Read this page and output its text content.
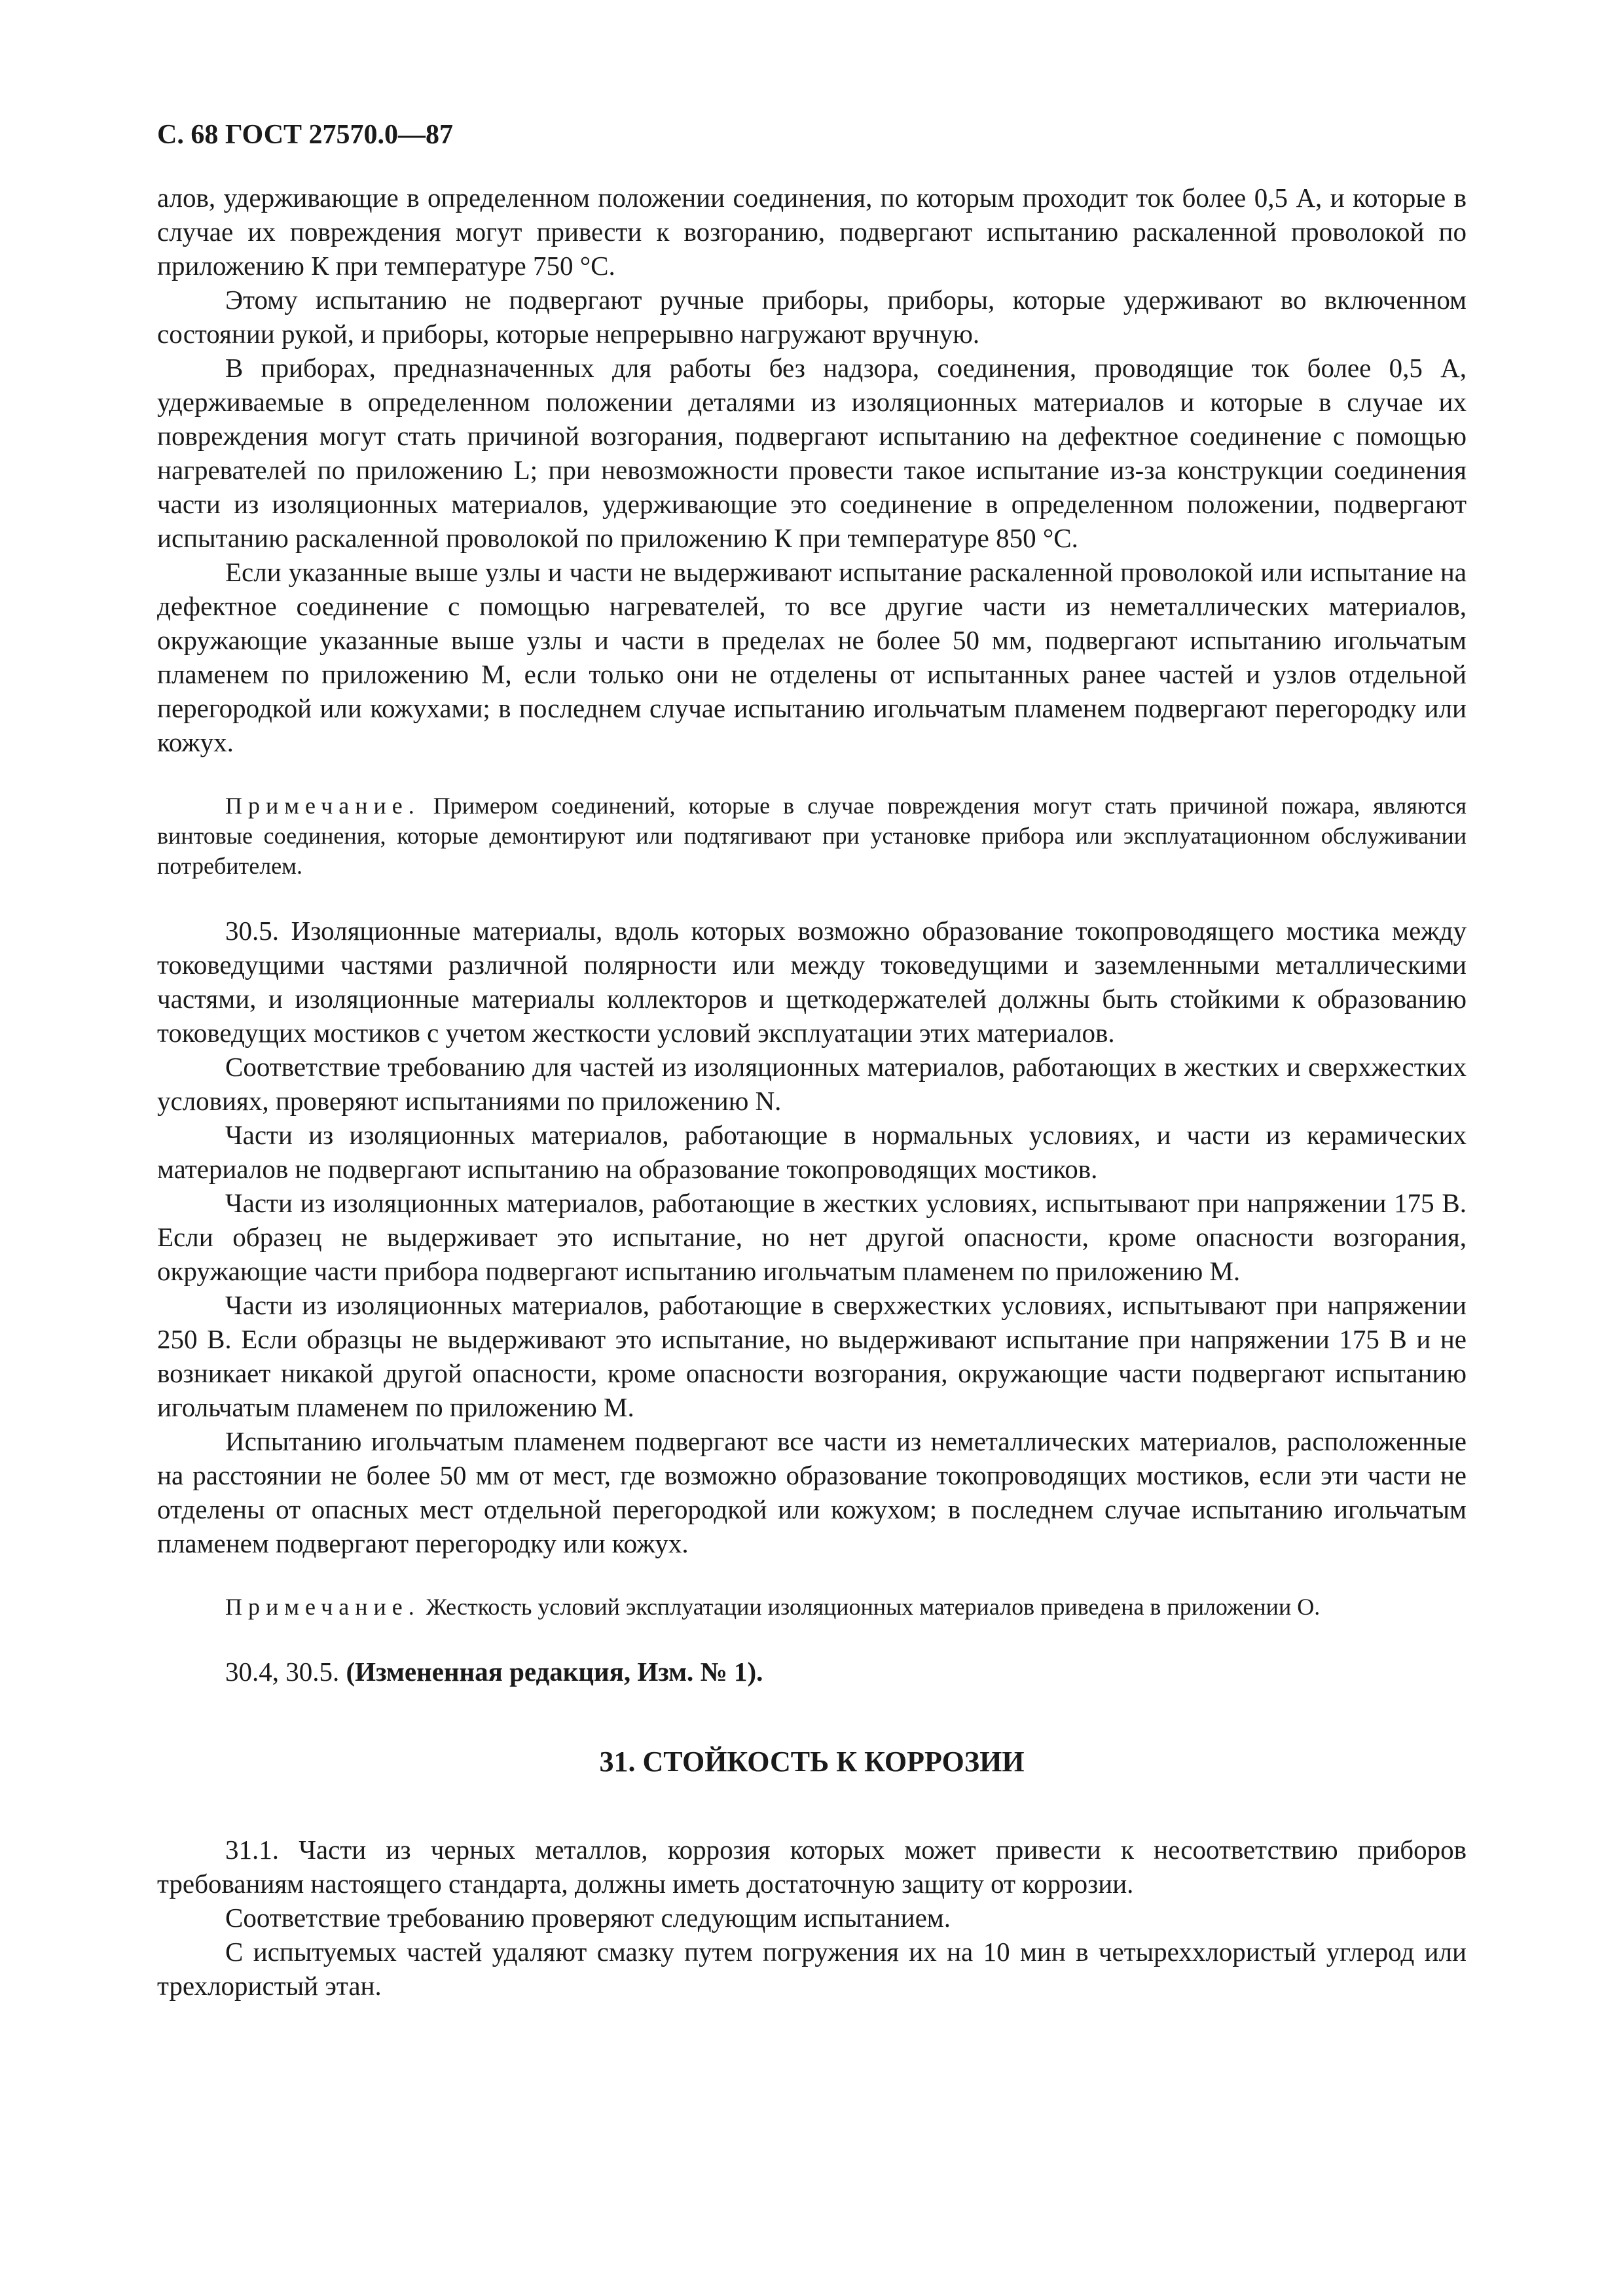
С. 68 ГОСТ 27570.0—87

алов, удерживающие в определенном положении соединения, по которым проходит ток более 0,5 А, и которые в случае их повреждения могут привести к возгоранию, подвергают испытанию раскаленной проволокой по приложению К при температуре 750 °С.

Этому испытанию не подвергают ручные приборы, приборы, которые удерживают во включенном состоянии рукой, и приборы, которые непрерывно нагружают вручную.

В приборах, предназначенных для работы без надзора, соединения, проводящие ток более 0,5 А, удерживаемые в определенном положении деталями из изоляционных материалов и которые в случае их повреждения могут стать причиной возгорания, подвергают испытанию на дефектное соединение с помощью нагревателей по приложению L; при невозможности провести такое испытание из-за конструкции соединения части из изоляционных материалов, удерживающие это соединение в определенном положении, подвергают испытанию раскаленной проволокой по приложению К при температуре 850 °С.

Если указанные выше узлы и части не выдерживают испытание раскаленной проволокой или испытание на дефектное соединение с помощью нагревателей, то все другие части из неметаллических материалов, окружающие указанные выше узлы и части в пределах не более 50 мм, подвергают испытанию игольчатым пламенем по приложению М, если только они не отделены от испытанных ранее частей и узлов отдельной перегородкой или кожухами; в последнем случае испытанию игольчатым пламенем подвергают перегородку или кожух.

Примечание. Примером соединений, которые в случае повреждения могут стать причиной пожара, являются винтовые соединения, которые демонтируют или подтягивают при установке прибора или эксплуатационном обслуживании потребителем.

30.5. Изоляционные материалы, вдоль которых возможно образование токопроводящего мостика между токоведущими частями различной полярности или между токоведущими и заземленными металлическими частями, и изоляционные материалы коллекторов и щеткодержателей должны быть стойкими к образованию токоведущих мостиков с учетом жесткости условий эксплуатации этих материалов.

Соответствие требованию для частей из изоляционных материалов, работающих в жестких и сверхжестких условиях, проверяют испытаниями по приложению N.

Части из изоляционных материалов, работающие в нормальных условиях, и части из керамических материалов не подвергают испытанию на образование токопроводящих мостиков.

Части из изоляционных материалов, работающие в жестких условиях, испытывают при напряжении 175 В. Если образец не выдерживает это испытание, но нет другой опасности, кроме опасности возгорания, окружающие части прибора подвергают испытанию игольчатым пламенем по приложению М.

Части из изоляционных материалов, работающие в сверхжестких условиях, испытывают при напряжении 250 В. Если образцы не выдерживают это испытание, но выдерживают испытание при напряжении 175 В и не возникает никакой другой опасности, кроме опасности возгорания, окружающие части подвергают испытанию игольчатым пламенем по приложению М.

Испытанию игольчатым пламенем подвергают все части из неметаллических материалов, расположенные на расстоянии не более 50 мм от мест, где возможно образование токопроводящих мостиков, если эти части не отделены от опасных мест отдельной перегородкой или кожухом; в последнем случае испытанию игольчатым пламенем подвергают перегородку или кожух.

Примечание. Жесткость условий эксплуатации изоляционных материалов приведена в приложении О.
30.4, 30.5. (Измененная редакция, Изм. № 1).
31. СТОЙКОСТЬ К КОРРОЗИИ

31.1. Части из черных металлов, коррозия которых может привести к несоответствию приборов требованиям настоящего стандарта, должны иметь достаточную защиту от коррозии.

Соответствие требованию проверяют следующим испытанием.

С испытуемых частей удаляют смазку путем погружения их на 10 мин в четыреххлористый углерод или трехлористый этан.
